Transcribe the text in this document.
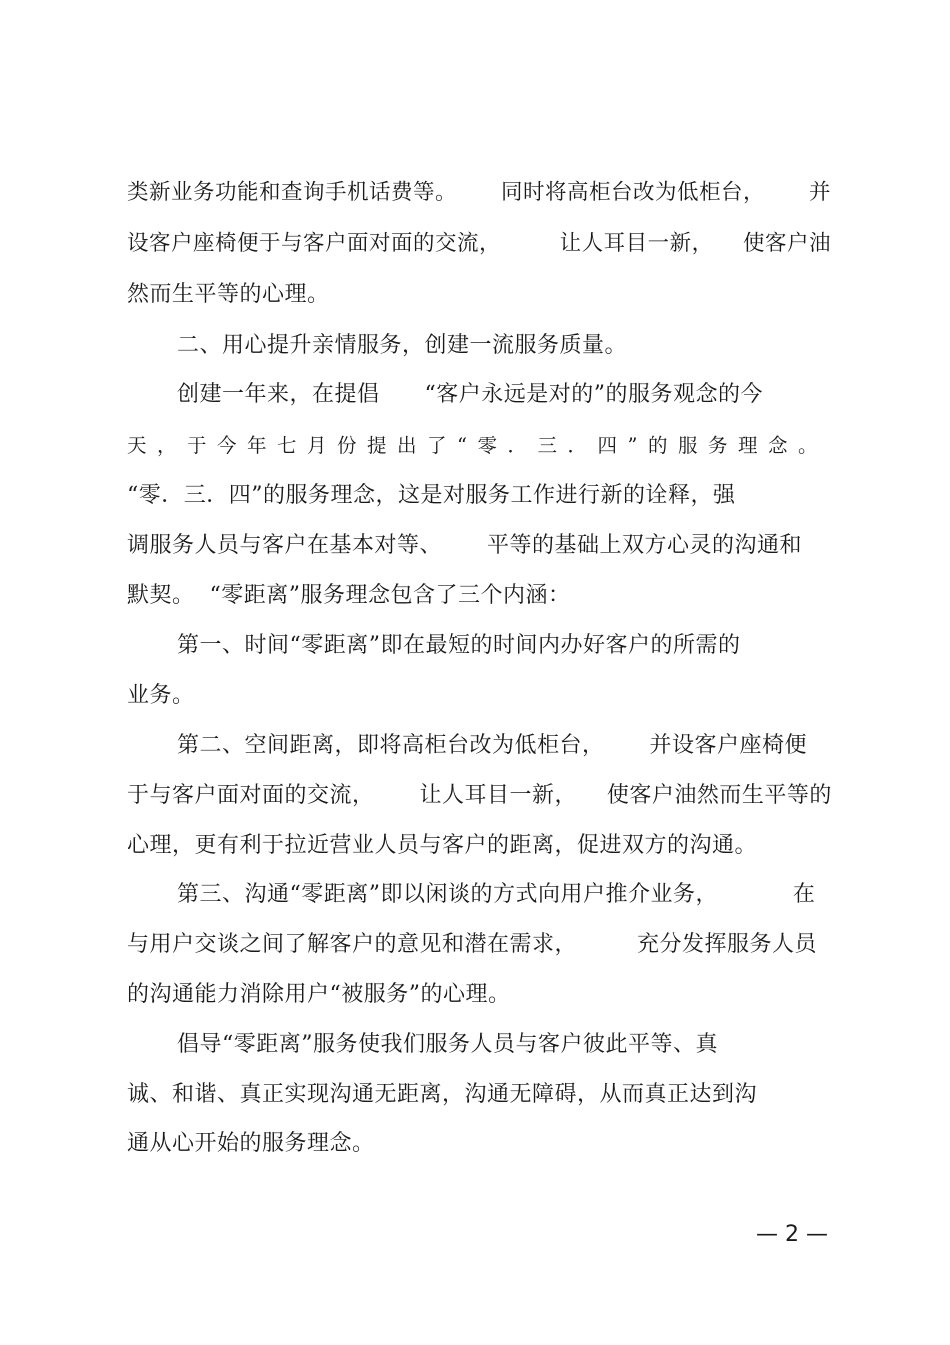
类新业务功能和查询手机话费等。      同时将高柜台改为低柜台，      并
设客户座椅便于与客户面对面的交流，        让人耳目一新，    使客户油
然而生平等的心理。
二、用心提升亲情服务，创建一流服务质量。
创建一年来，在提倡      “客户永远是对的”的服务观念的今
天，于今年七月份提出了“零．三．四”的服务理念。
“零．三．四”的服务理念，这是对服务工作进行新的诠释，强
调服务人员与客户在基本对等、      平等的基础上双方心灵的沟通和
默契。  “零距离”服务理念包含了三个内涵：
第一、时间“零距离”即在最短的时间内办好客户的所需的
业务。
第二、空间距离，即将高柜台改为低柜台，      并设客户座椅便
于与客户面对面的交流，      让人耳目一新，    使客户油然而生平等的
心理，更有利于拉近营业人员与客户的距离，促进双方的沟通。
第三、沟通“零距离”即以闲谈的方式向用户推介业务，          在
与用户交谈之间了解客户的意见和潜在需求，        充分发挥服务人员
的沟通能力消除用户“被服务”的心理。
倡导“零距离”服务使我们服务人员与客户彼此平等、真
诚、和谐、真正实现沟通无距离，沟通无障碍，从而真正达到沟
通从心开始的服务理念。
— 2 —
